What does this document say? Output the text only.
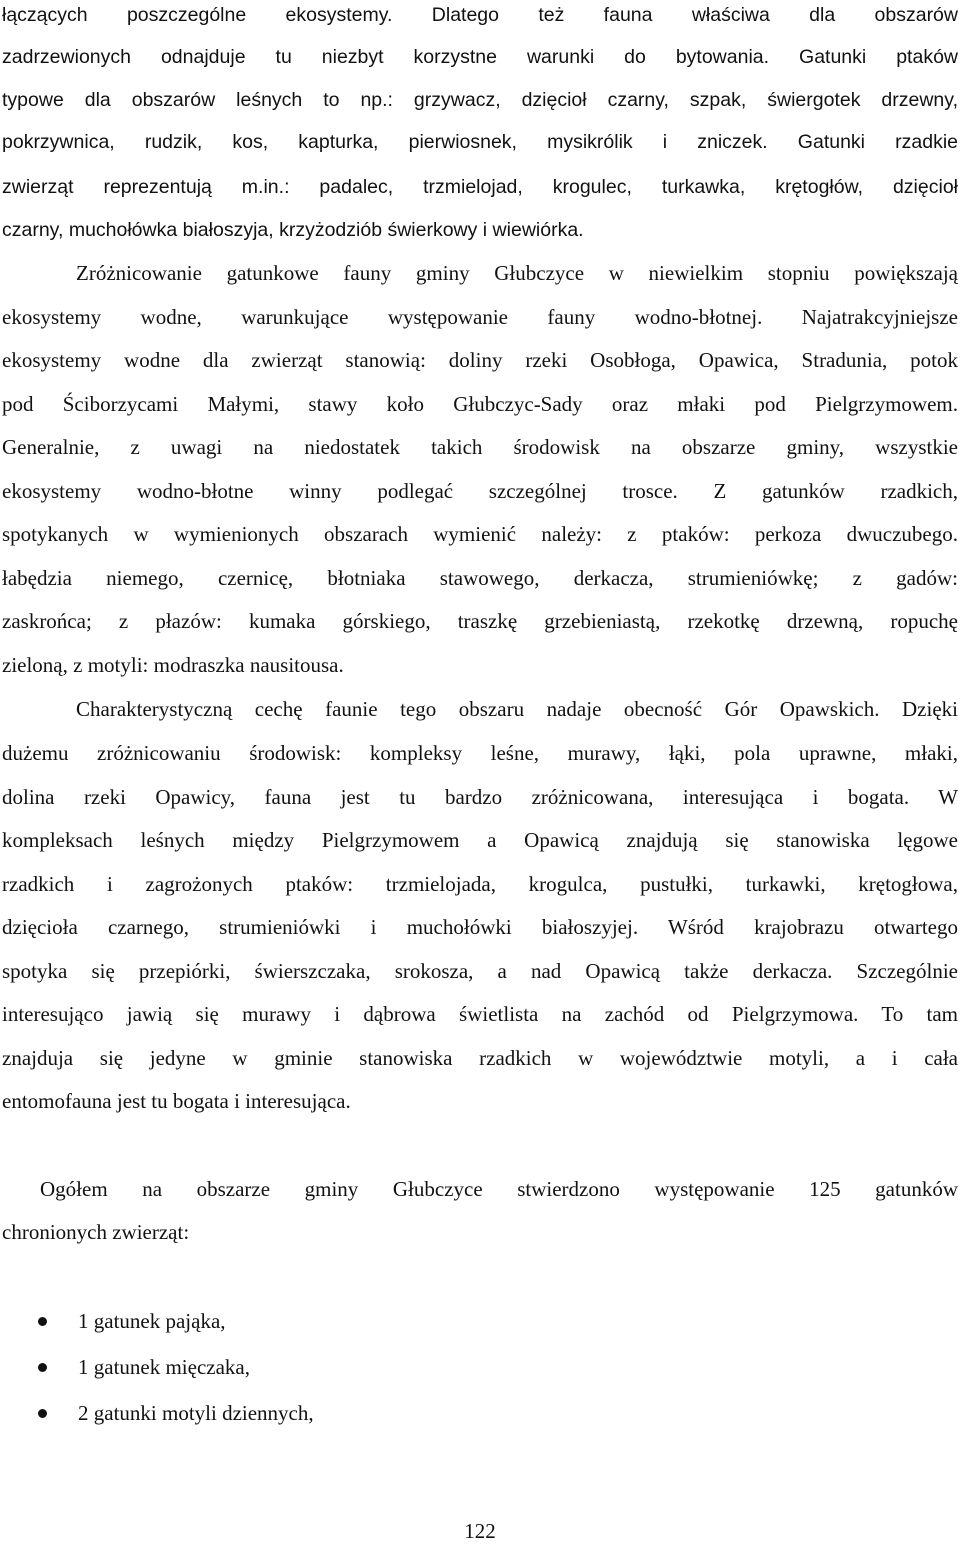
łączących poszczególne ekosystemy. Dlatego też fauna właściwa dla obszarów
zadrzewionych odnajduje tu niezbyt korzystne warunki do bytowania. Gatunki ptaków
typowe dla obszarów leśnych to np.: grzywacz, dzięcioł czarny, szpak, świergotek drzewny,
pokrzywnica, rudzik, kos, kapturka, pierwiosnek, mysikrólik i zniczek. Gatunki rzadkie
zwierząt reprezentują m.in.: padalec, trzmielojad, krogulec, turkawka, krętogłów, dzięcioł
czarny, muchołówka białoszyja, krzyżodziób świerkowy i wiewiórka.
Zróżnicowanie gatunkowe fauny gminy Głubczyce w niewielkim stopniu powiększają
ekosystemy wodne, warunkujące występowanie fauny wodno-błotnej. Najatrakcyjniejsze
ekosystemy wodne dla zwierząt stanowią: doliny rzeki Osobłoga, Opawica, Stradunia, potok
pod Ściborzycami Małymi, stawy koło Głubczyc-Sady oraz młaki pod Pielgrzymowem.
Generalnie, z uwagi na niedostatek takich środowisk na obszarze gminy, wszystkie
ekosystemy wodno-błotne winny podlegać szczególnej trosce. Z gatunków rzadkich,
spotykanych w wymienionych obszarach wymienić należy: z ptaków: perkoza dwuczubego.
łabędzia niemego, czernicę, błotniaka stawowego, derkacza, strumieniówkę; z gadów:
zaskrońca; z płazów: kumaka górskiego, traszkę grzebieniastą, rzekotkę drzewną, ropuchę
zieloną, z motyli: modraszka nausitousa.
Charakterystyczną cechę faunie tego obszaru nadaje obecność Gór Opawskich. Dzięki
dużemu zróżnicowaniu środowisk: kompleksy leśne, murawy, łąki, pola uprawne, młaki,
dolina rzeki Opawicy, fauna jest tu bardzo zróżnicowana, interesująca i bogata. W
kompleksach leśnych między Pielgrzymowem a Opawicą znajdują się stanowiska lęgowe
rzadkich i zagrożonych ptaków: trzmielojada, krogulca, pustułki, turkawki, krętogłowa,
dzięcioła czarnego, strumieniówki i muchołówki białoszyjej. Wśród krajobrazu otwartego
spotyka się przepiórki, świerszczaka, srokosza, a nad Opawicą także derkacza. Szczególnie
interesująco jawią się murawy i dąbrowa świetlista na zachód od Pielgrzymowa. To tam
znajduja się jedyne w gminie stanowiska rzadkich w województwie motyli, a i cała
entomofauna jest tu bogata i interesująca.
Ogółem na obszarze gminy Głubczyce stwierdzono występowanie 125 gatunków
chronionych zwierząt:
1 gatunek pająka,
1 gatunek mięczaka,
2 gatunki motyli dziennych,
122
